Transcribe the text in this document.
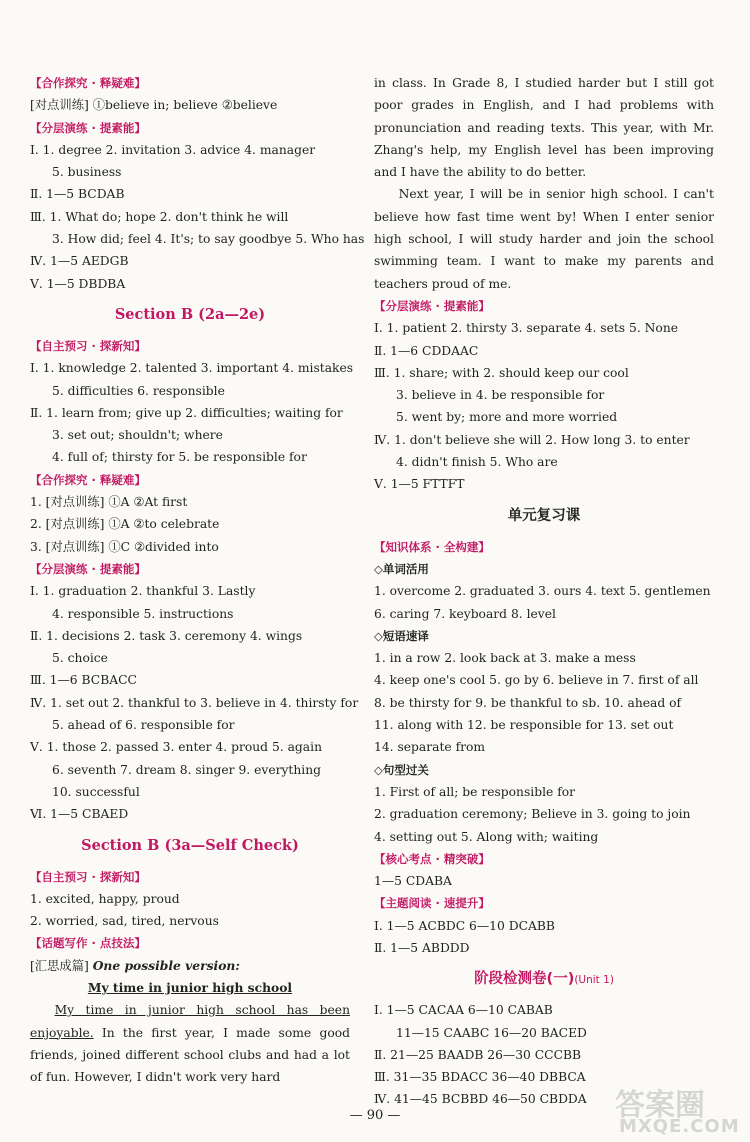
【合作探究 · 释疑难】
[对点训练] ①believe in; believe ②believe
【分层演练 · 提素能】
Ⅰ. 1. degree 2. invitation 3. advice 4. manager
5. business
Ⅱ. 1—5 BCDAB
Ⅲ. 1. What do; hope 2. don't think he will
3. How did; feel 4. It's; to say goodbye 5. Who has
Ⅳ. 1—5 AEDGB
Ⅴ. 1—5 DBDBA
Section B (2a—2e)
【自主预习 · 探新知】
Ⅰ. 1. knowledge 2. talented 3. important 4. mistakes
5. difficulties 6. responsible
Ⅱ. 1. learn from; give up 2. difficulties; waiting for
3. set out; shouldn't; where
4. full of; thirsty for 5. be responsible for
【合作探究 · 释疑难】
1. [对点训练] ①A ②At first
2. [对点训练] ①A ②to celebrate
3. [对点训练] ①C ②divided into
【分层演练 · 提素能】
Ⅰ. 1. graduation 2. thankful 3. Lastly
4. responsible 5. instructions
Ⅱ. 1. decisions 2. task 3. ceremony 4. wings
5. choice
Ⅲ. 1—6 BCBACC
Ⅳ. 1. set out 2. thankful to 3. believe in 4. thirsty for
5. ahead of 6. responsible for
Ⅴ. 1. those 2. passed 3. enter 4. proud 5. again
6. seventh 7. dream 8. singer 9. everything
10. successful
Ⅵ. 1—5 CBAED
Section B (3a—Self Check)
【自主预习 · 探新知】
1. excited, happy, proud
2. worried, sad, tired, nervous
【话题写作 · 点技法】
[汇思成篇] One possible version:
My time in junior high school
My time in junior high school has been enjoyable. In the first year, I made some good friends, joined different school clubs and had a lot of fun. However, I didn't work very hard
in class. In Grade 8, I studied harder but I still got poor grades in English, and I had problems with pronunciation and reading texts. This year, with Mr. Zhang's help, my English level has been improving and I have the ability to do better.
Next year, I will be in senior high school. I can't believe how fast time went by! When I enter senior high school, I will study harder and join the school swimming team. I want to make my parents and teachers proud of me.
【分层演练 · 提素能】
Ⅰ. 1. patient 2. thirsty 3. separate 4. sets 5. None
Ⅱ. 1—6 CDDAAC
Ⅲ. 1. share; with 2. should keep our cool
3. believe in 4. be responsible for
5. went by; more and more worried
Ⅳ. 1. don't believe she will 2. How long 3. to enter
4. didn't finish 5. Who are
Ⅴ. 1—5 FTTFT
单元复习课
【知识体系 · 全构建】
◇单词活用
1. overcome 2. graduated 3. ours 4. text 5. gentlemen
6. caring 7. keyboard 8. level
◇短语速译
1. in a row 2. look back at 3. make a mess
4. keep one's cool 5. go by 6. believe in 7. first of all
8. be thirsty for 9. be thankful to sb. 10. ahead of
11. along with 12. be responsible for 13. set out
14. separate from
◇句型过关
1. First of all; be responsible for
2. graduation ceremony; Believe in 3. going to join
4. setting out 5. Along with; waiting
【核心考点 · 精突破】
1—5 CDABA
【主题阅读 · 速提升】
Ⅰ. 1—5 ACBDC 6—10 DCABB
Ⅱ. 1—5 ABDDD
阶段检测卷(一)(Unit 1)
Ⅰ. 1—5 CACAA 6—10 CABAB
11—15 CAABC 16—20 BACED
Ⅱ. 21—25 BAADB 26—30 CCCBB
Ⅲ. 31—35 BDACC 36—40 DBBCA
Ⅳ. 41—45 BCBBD 46—50 CBDDA
— 90 —	答案圈
MXQE.COM
